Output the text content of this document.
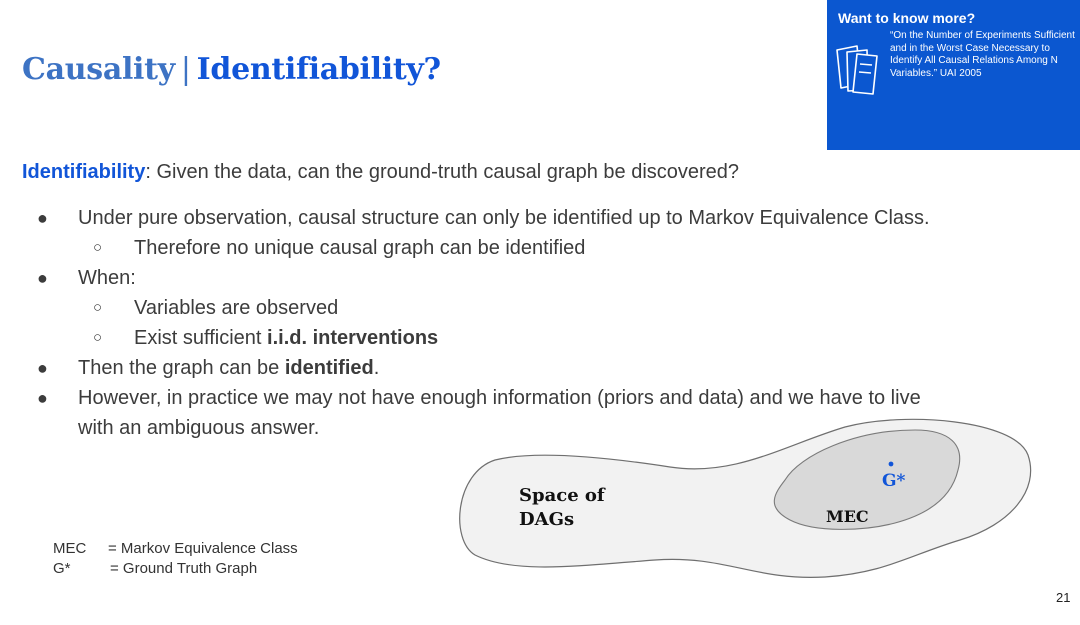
Causality | Identifiability?
Want to know more?
“On the Number of Experiments Sufficient and in the Worst Case Necessary to Identify All Causal Relations Among N Variables.” UAI 2005
Identifiability: Given the data, can the ground-truth causal graph be discovered?
● Under pure observation, causal structure can only be identified up to Markov Equivalence Class.
○ Therefore no unique causal graph can be identified
● When:
○ Variables are observed
○ Exist sufficient i.i.d. interventions
● Then the graph can be identified.
● However, in practice we may not have enough information (priors and data) and we have to live
with an ambiguous answer.
MEC = Markov Equivalence Class
G*	= Ground Truth Graph
Space of
DAGs	MEC
G*
21
